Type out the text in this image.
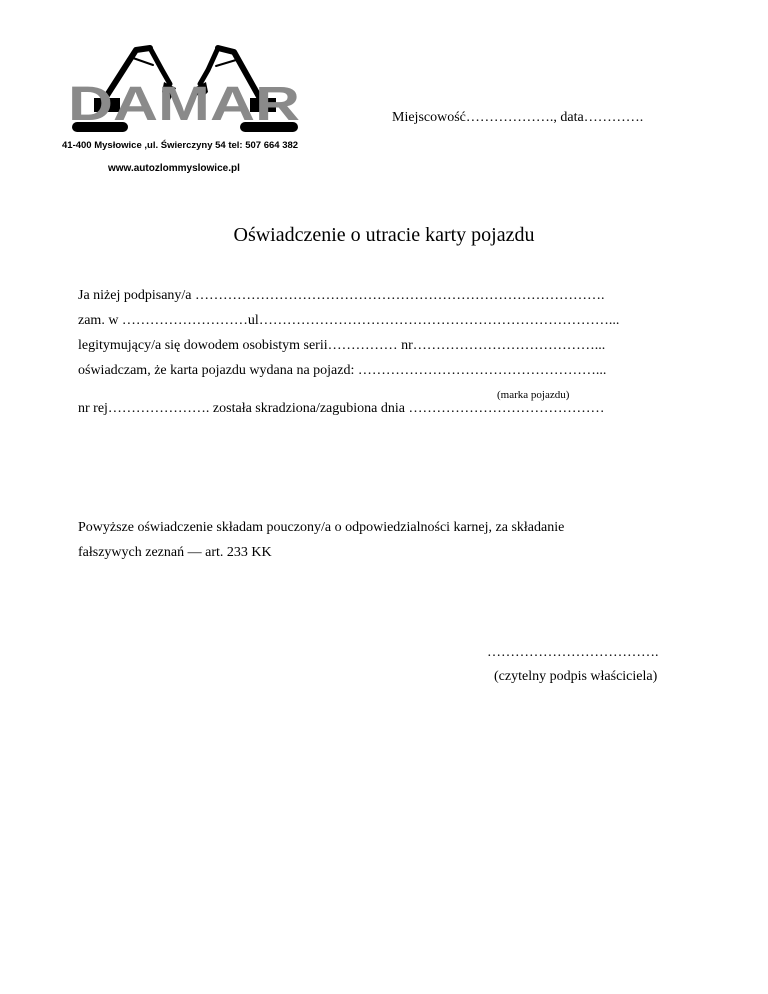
DAMAR
41-400 Mysłowice ,ul. Świerczyny 54 tel: 507 664 382
www.autozlommyslowice.pl
Miejscowość………………., data………….
Oświadczenie o utracie karty pojazdu
Ja niżej podpisany/a …………………………………………………………………………….
zam. w ………………………ul…………………………………………………………………...
legitymujący/a się dowodem osobistym serii…………… nr…………………………………...
oświadczam, że karta pojazdu wydana na pojazd: ……………………………………………...
(marka pojazdu)
nr rej…………………. została skradziona/zagubiona dnia ……………………………………
Powyższe oświadczenie składam pouczony/a o odpowiedzialności karnej, za składanie
fałszywych zeznań — art. 233 KK
……………………………….
(czytelny podpis właściciela)
